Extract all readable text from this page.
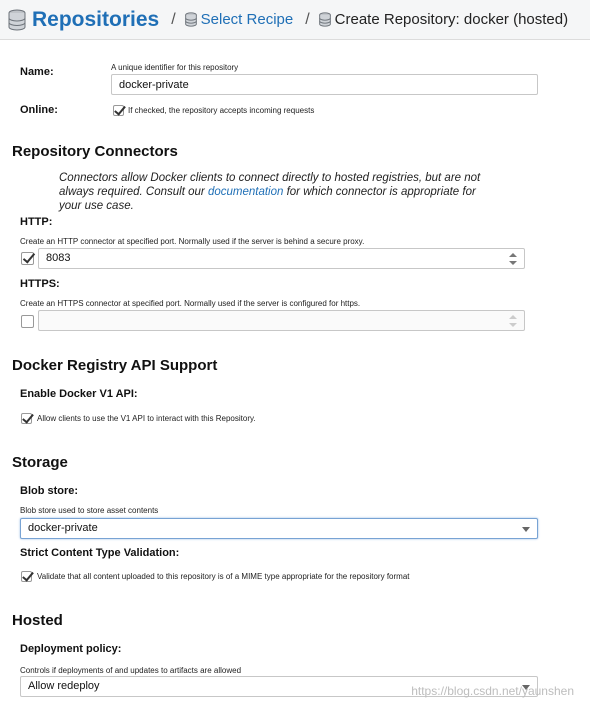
Repositories / Select Recipe / Create Repository: docker (hosted)
Name:	A unique identifier for this repository
docker-private
Online:	If checked, the repository accepts incoming requests
Repository Connectors
Connectors allow Docker clients to connect directly to hosted registries, but are not always required. Consult our documentation for which connector is appropriate for your use case.
HTTP:
Create an HTTP connector at specified port. Normally used if the server is behind a secure proxy.
8083
HTTPS:
Create an HTTPS connector at specified port. Normally used if the server is configured for https.
Docker Registry API Support
Enable Docker V1 API:
Allow clients to use the V1 API to interact with this Repository.
Storage
Blob store:
Blob store used to store asset contents
docker-private
Strict Content Type Validation:
Validate that all content uploaded to this repository is of a MIME type appropriate for the repository format
Hosted
Deployment policy:
Controls if deployments of and updates to artifacts are allowed
Allow redeploy	https://blog.csdn.net/yaunshen
